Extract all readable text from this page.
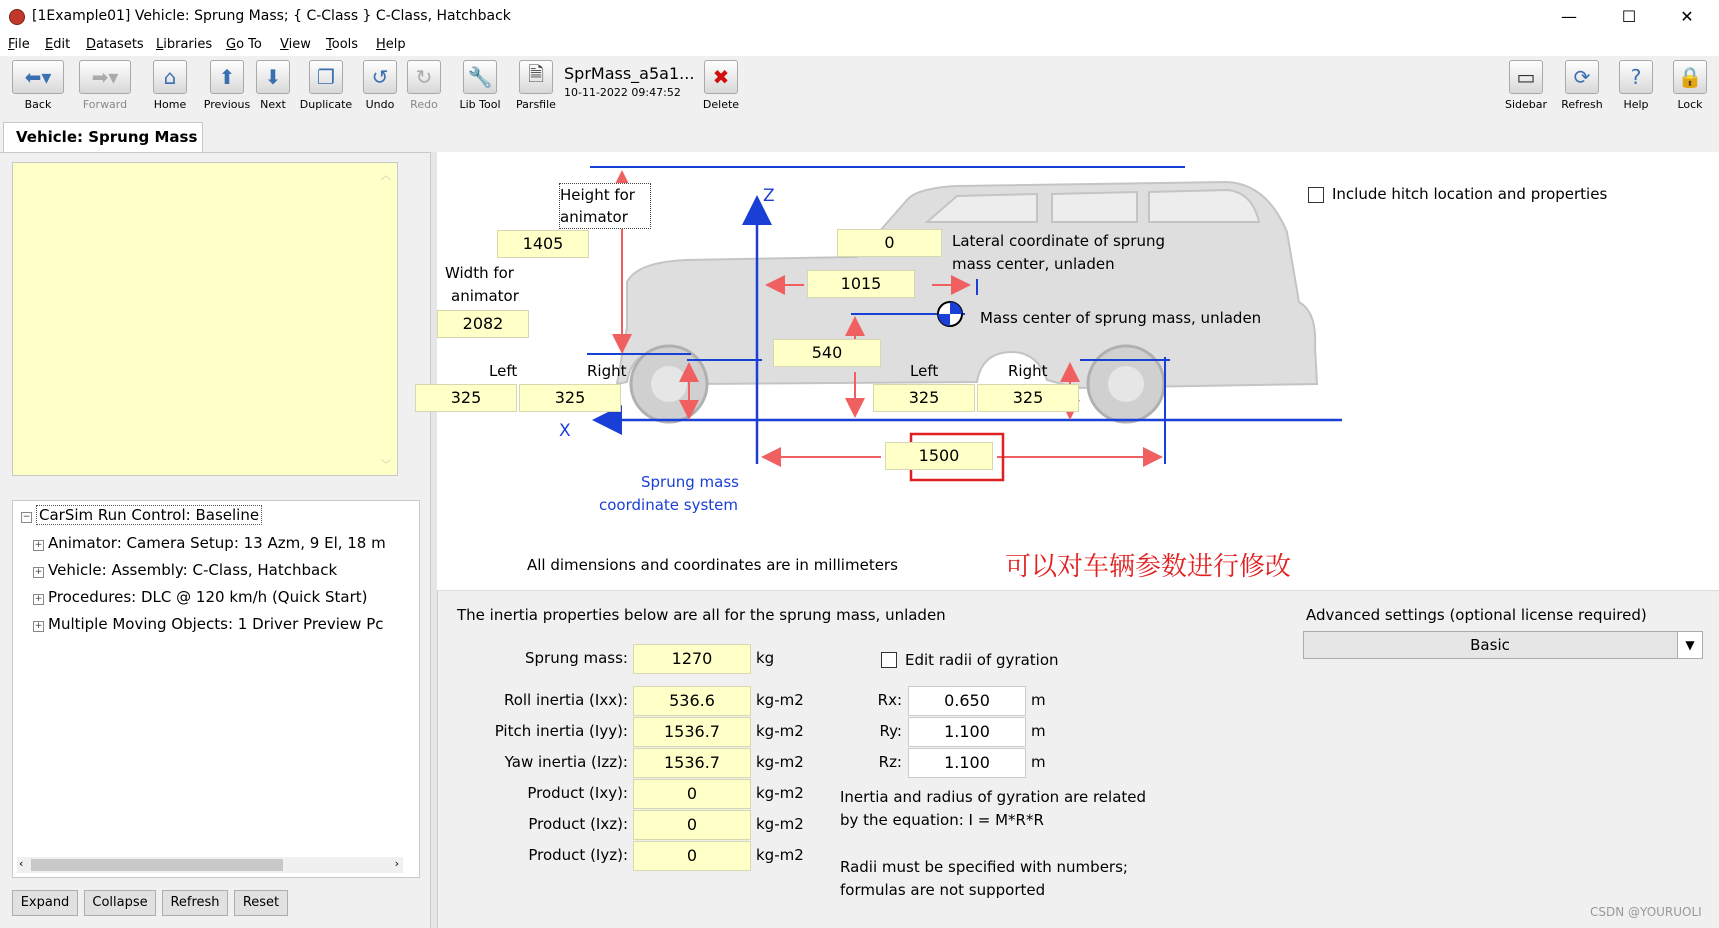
[1Example01] Vehicle: Sprung Mass; { C-Class } C-Class, Hatchback	—	☐	✕
File Edit Datasets Libraries Go To View Tools Help
⬅▾
Back
➡▾
Forward
⌂
Home
⬆
Previous
⬇
Next
❐
Duplicate
↺
Undo
↻
Redo
🔧
Lib Tool
🗎
Parsfile
SprMass_a5a1...
10-11-2022 09:47:52
✖
Delete
▭
Sidebar
⟳
Refresh
?
Help
🔒
Lock
Vehicle: Sprung Mass
︿
﹀
− CarSim Run Control: Baseline
+ Animator: Camera Setup: 13 Azm, 9 El, 18 m
+ Vehicle: Assembly: C-Class, Hatchback
+ Procedures: DLC @ 120 km/h (Quick Start)
+ Multiple Moving Objects: 1 Driver Preview Pc
‹	›
Expand	Collapse	Refresh	Reset
Height for animator
1405
Width for
animator
2082
0	Lateral coordinate of sprung
mass center, unladen
1015
Mass center of sprung mass, unladen
540
Left	Right
325	325
Left	Right
325	325
1500
X
Z
Sprung mass
coordinate system
Include hitch location and properties
All dimensions and coordinates are in millimeters	可以对车辆参数进行修改
The inertia properties below are all for the sprung mass, unladen
Sprung mass:	1270	kg
Roll inertia (Ixx):	536.6	kg-m2
Pitch inertia (Iyy):	1536.7	kg-m2
Yaw inertia (Izz):	1536.7	kg-m2
Product (Ixy):	0	kg-m2
Product (Ixz):	0	kg-m2
Product (Iyz):	0	kg-m2
Edit radii of gyration
Rx:	0.650	m
Ry:	1.100	m
Rz:	1.100	m
Inertia and radius of gyration are related
by the equation: I = M*R*R
Radii must be specified with numbers;
formulas are not supported
Advanced settings (optional license required)
Basic	▼
CSDN @YOURUOLI
